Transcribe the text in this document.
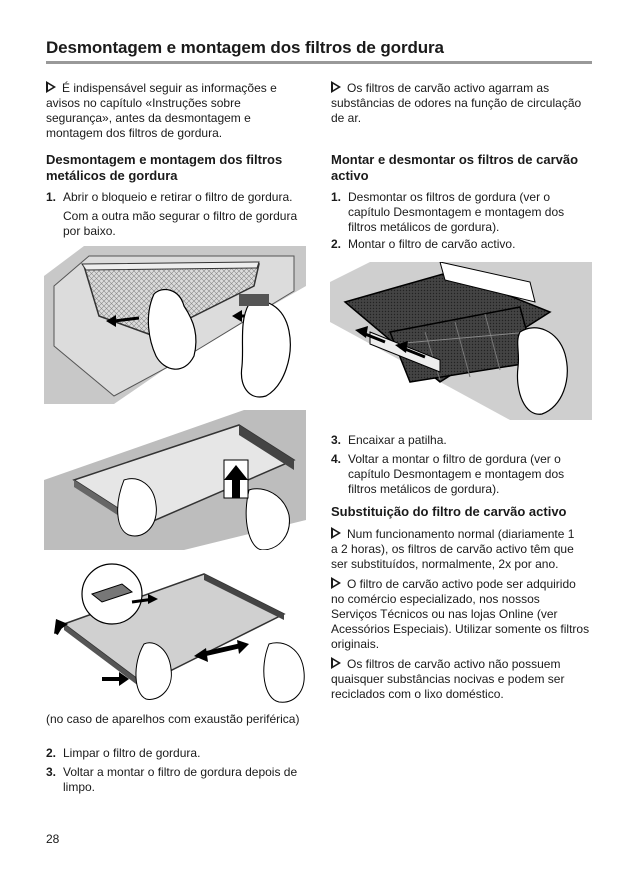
Desmontagem e montagem dos filtros de gordura
É indispensável seguir as informações e
avisos no capítulo «Instruções sobre
segurança», antes da desmontagem e
montagem dos filtros de gordura.
Desmontagem e montagem dos filtros
metálicos de gordura
1. Abrir o bloqueio e retirar o filtro de gordura.
Com a outra mão segurar o filtro de gordura
por baixo.
(no caso de aparelhos com exaustão periférica)
2. Limpar o filtro de gordura.
3. Voltar a montar o filtro de gordura depois de
limpo.
Os filtros de carvão activo agarram as
substâncias de odores na função de circulação
de ar.
Montar e desmontar os filtros de carvão
activo
1. Desmontar os filtros de gordura (ver o
capítulo Desmontagem e montagem dos
filtros metálicos de gordura).
2. Montar o filtro de carvão activo.
3. Encaixar a patilha.
4. Voltar a montar o filtro de gordura (ver o
capítulo Desmontagem e montagem dos
filtros metálicos de gordura).
Substituição do filtro de carvão activo
Num funcionamento normal (diariamente 1
a 2 horas), os filtros de carvão activo têm que
ser substituídos, normalmente, 2x por ano.
O filtro de carvão activo pode ser adquirido
no comércio especializado, nos nossos
Serviços Técnicos ou nas lojas Online (ver
Acessórios Especiais). Utilizar somente os filtros
originais.
Os filtros de carvão activo não possuem
quaisquer substâncias nocivas e podem ser
reciclados com o lixo doméstico.
28
